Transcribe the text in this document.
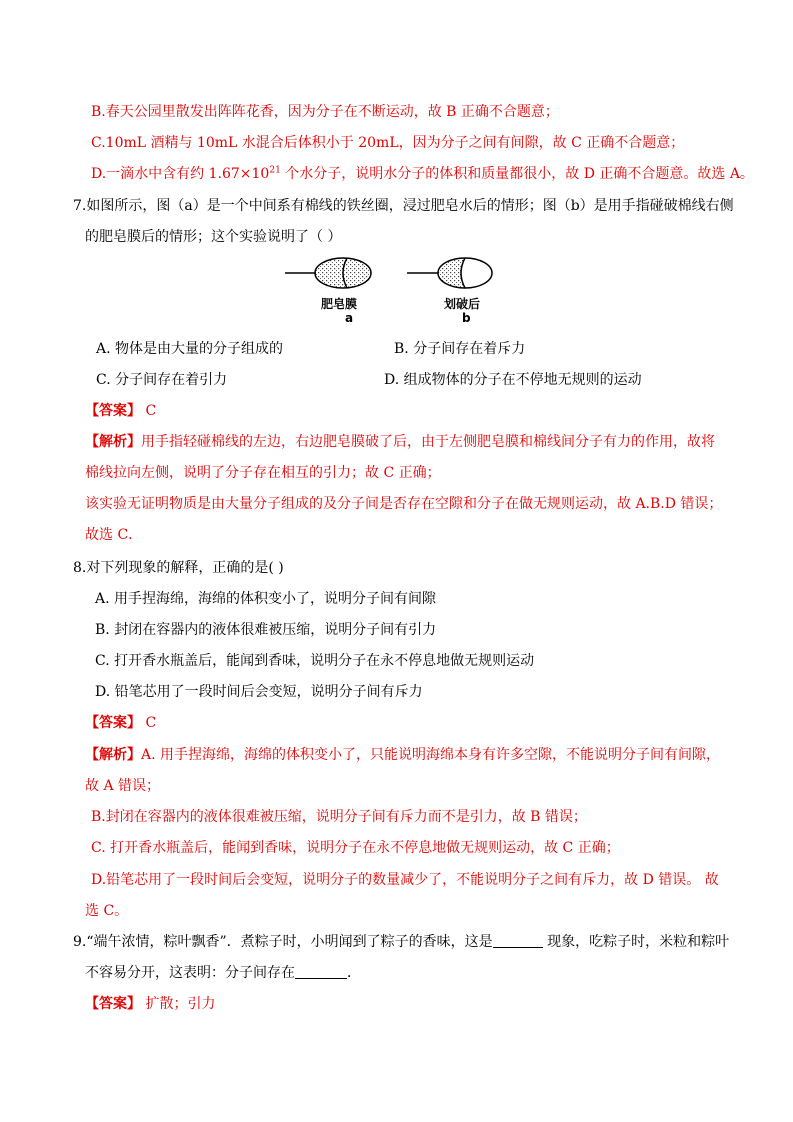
B.春天公园里散发出阵阵花香，因为分子在不断运动，故 B 正确不合题意；
C.10mL 酒精与 10mL 水混合后体积小于 20mL，因为分子之间有间隙，故 C 正确不合题意；
D.一滴水中含有约 $1.67\times 10^{21}$ 个水分子，说明水分子的体积和质量都很小，故 D 正确不合题意。故选 A。
7.如图所示，图（a）是一个中间系有棉线的铁丝圈，浸过肥皂水后的情形；图（b）是用手指碰破棉线右侧
的肥皂膜后的情形；这个实验说明了（ ）
肥皂膜
a
划破后
b
A. 物体是由大量的分子组成的	B. 分子间存在着斥力
C. 分子间存在着引力	D. 组成物体的分子在不停地无规则的运动
【答案】 C
【解析】用手指轻碰棉线的左边，右边肥皂膜破了后，由于左侧肥皂膜和棉线间分子有力的作用，故将
棉线拉向左侧，说明了分子存在相互的引力；故 C 正确；
该实验无证明物质是由大量分子组成的及分子间是否存在空隙和分子在做无规则运动，故 A.B.D 错误；
故选 C．
8.对下列现象的解释，正确的是( )
A. 用手捏海绵，海绵的体积变小了，说明分子间有间隙
B. 封闭在容器内的液体很难被压缩，说明分子间有引力
C. 打开香水瓶盖后，能闻到香味，说明分子在永不停息地做无规则运动
D. 铅笔芯用了一段时间后会变短，说明分子间有斥力
【答案】 C
【解析】A. 用手捏海绵，海绵的体积变小了，只能说明海绵本身有许多空隙，不能说明分子间有间隙，
故 A 错误；
B.封闭在容器内的液体很难被压缩，说明分子间有斥力而不是引力，故 B 错误；
C. 打开香水瓶盖后，能闻到香味，说明分子在永不停息地做无规则运动，故 C 正确；
D.铅笔芯用了一段时间后会变短，说明分子的数量减少了，不能说明分子之间有斥力，故 D 错误。 故
选 C。
9.“端午浓情，粽叶飘香”．煮粽子时，小明闻到了粽子的香味，这是	现象，吃粽子时，米粒和粽叶
不容易分开，这表明：分子间存在	．
【答案】 扩散；引力
